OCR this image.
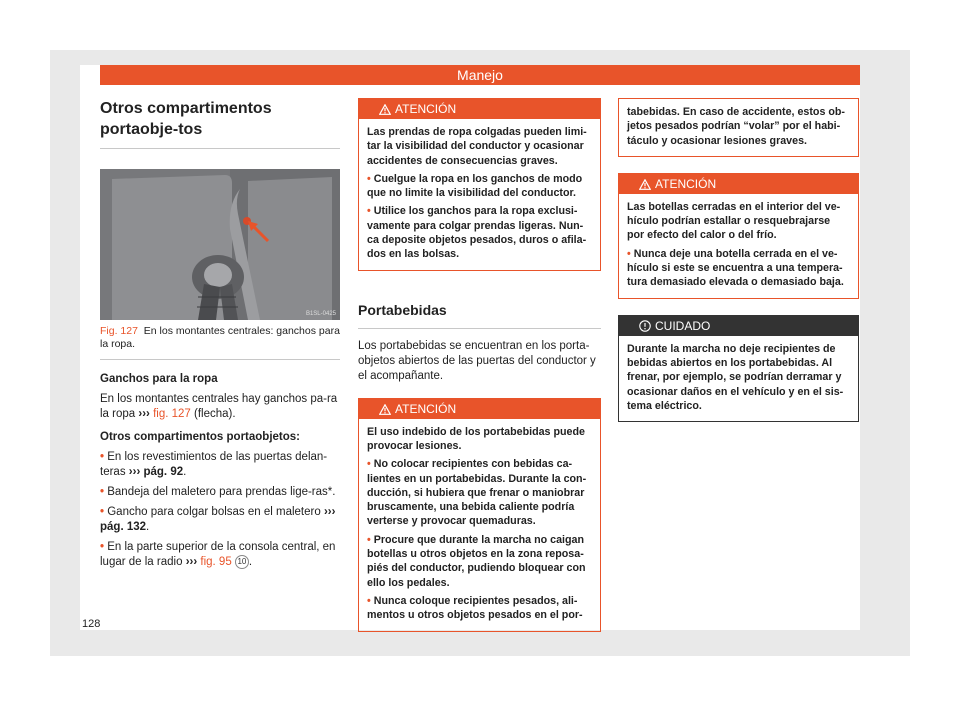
Manejo
Otros compartimentos portaobje-tos
B1SL-0425
Fig. 127 En los montantes centrales: ganchos para la ropa.

Ganchos para la ropa

En los montantes centrales hay ganchos pa-ra la ropa ››› fig. 127 (flecha).

Otros compartimentos portaobjetos:

• En los revestimientos de las puertas delan-teras ››› pág. 92.

• Bandeja del maletero para prendas lige-ras*.

• Gancho para colgar bolsas en el maletero ››› pág. 132.

• En la parte superior de la consola central, en lugar de la radio ››› fig. 95 10 .

ATENCIÓN

Las prendas de ropa colgadas pueden limi-tar la visibilidad del conductor y ocasionar accidentes de consecuencias graves.

• Cuelgue la ropa en los ganchos de modo que no limite la visibilidad del conductor.

• Utilice los ganchos para la ropa exclusi-vamente para colgar prendas ligeras. Nun-ca deposite objetos pesados, duros o afila-dos en las bolsas.

Portabebidas

Los portabebidas se encuentran en los porta-objetos abiertos de las puertas del conductor y el acompañante.

ATENCIÓN

El uso indebido de los portabebidas puede provocar lesiones.

• No colocar recipientes con bebidas ca-lientes en un portabebidas. Durante la con-ducción, si hubiera que frenar o maniobrar bruscamente, una bebida caliente podría verterse y provocar quemaduras.

• Procure que durante la marcha no caigan botellas u otros objetos en la zona reposa-piés del conductor, pudiendo bloquear con ello los pedales.

• Nunca coloque recipientes pesados, ali-mentos u otros objetos pesados en el por-

tabebidas. En caso de accidente, estos ob-jetos pesados podrían “volar” por el habi-táculo y ocasionar lesiones graves.

ATENCIÓN

Las botellas cerradas en el interior del ve-hículo podrían estallar o resquebrajarse por efecto del calor o del frío.

• Nunca deje una botella cerrada en el ve-hículo si este se encuentra a una tempera-tura demasiado elevada o demasiado baja.

CUIDADO

Durante la marcha no deje recipientes de bebidas abiertos en los portabebidas. Al frenar, por ejemplo, se podrían derramar y ocasionar daños en el vehículo y en el sis-tema eléctrico.

128
